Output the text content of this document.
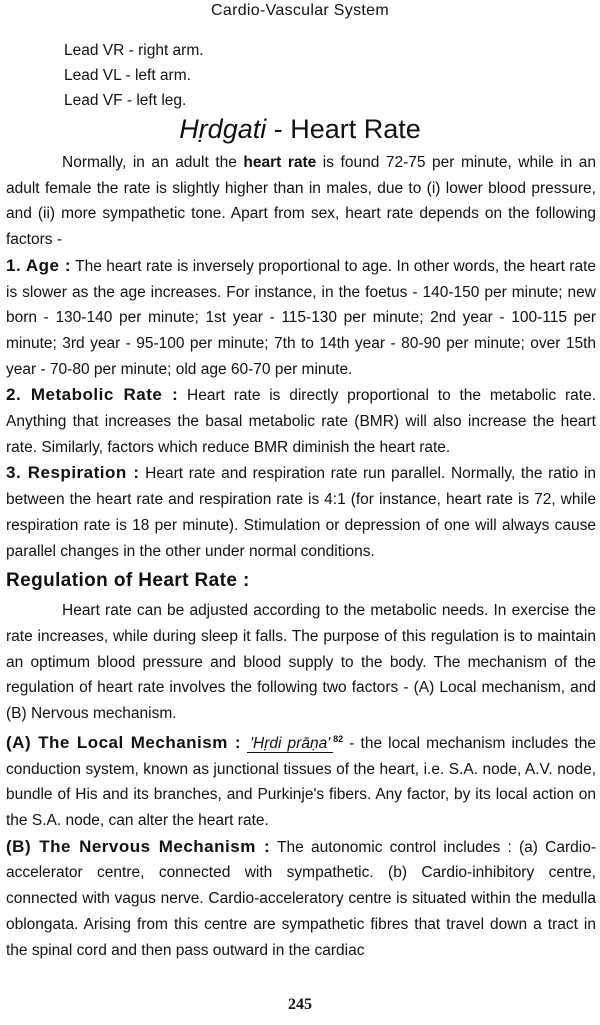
Cardio-Vascular System
Lead VR - right arm.
Lead VL - left arm.
Lead VF - left leg.
Hṛdgati - Heart Rate

Normally, in an adult the heart rate is found 72-75 per minute, while in an adult female the rate is slightly higher than in males, due to (i) lower blood pressure, and (ii) more sympathetic tone. Apart from sex, heart rate depends on the following factors -

1. Age : The heart rate is inversely proportional to age. In other words, the heart rate is slower as the age increases. For instance, in the foetus - 140-150 per minute; new born - 130-140 per minute; 1st year - 115-130 per minute; 2nd year - 100-115 per minute; 3rd year - 95-100 per minute; 7th to 14th year - 80-90 per minute; over 15th year - 70-80 per minute; old age 60-70 per minute.

2. Metabolic Rate : Heart rate is directly proportional to the metabolic rate. Anything that increases the basal metabolic rate (BMR) will also increase the heart rate. Similarly, factors which reduce BMR diminish the heart rate.

3. Respiration : Heart rate and respiration rate run parallel. Normally, the ratio in between the heart rate and respiration rate is 4:1 (for instance, heart rate is 72, while respiration rate is 18 per minute). Stimulation or depression of one will always cause parallel changes in the other under normal conditions.

Regulation of Heart Rate :

Heart rate can be adjusted according to the metabolic needs. In exercise the rate increases, while during sleep it falls. The purpose of this regulation is to maintain an optimum blood pressure and blood supply to the body. The mechanism of the regulation of heart rate involves the following two factors - (A) Local mechanism, and (B) Nervous mechanism.

(A) The Local Mechanism : 'Hṛdi prāṇa' $^{82}$ - the local mechanism includes the conduction system, known as junctional tissues of the heart, i.e. S.A. node, A.V. node, bundle of His and its branches, and Purkinje's fibers. Any factor, by its local action on the S.A. node, can alter the heart rate.

(B) The Nervous Mechanism : The autonomic control includes : (a) Cardio-accelerator centre, connected with sympathetic. (b) Cardio-inhibitory centre, connected with vagus nerve. Cardio-acceleratory centre is situated within the medulla oblongata. Arising from this centre are sympathetic fibres that travel down a tract in the spinal cord and then pass outward in the cardiac

245
